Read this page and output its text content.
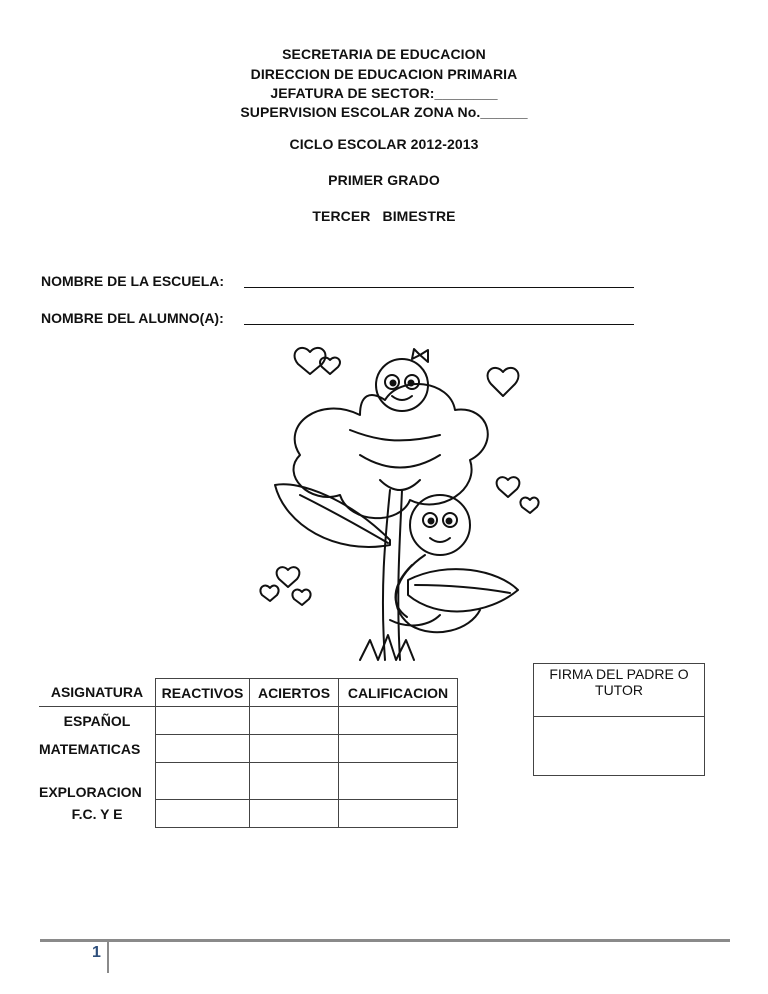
SECRETARIA DE EDUCACION
DIRECCION DE EDUCACION PRIMARIA
JEFATURA DE SECTOR:________
SUPERVISION ESCOLAR ZONA No.______
CICLO ESCOLAR 2012-2013
PRIMER GRADO
TERCER   BIMESTRE
NOMBRE DE LA ESCUELA:
NOMBRE DEL ALUMNO(A):
ASIGNATURA	REACTIVOS	ACIERTOS	CALIFICACION
ESPAÑOL			
MATEMATICAS			
EXPLORACION			
F.C. Y E			
FIRMA DEL PADRE O TUTOR

1
